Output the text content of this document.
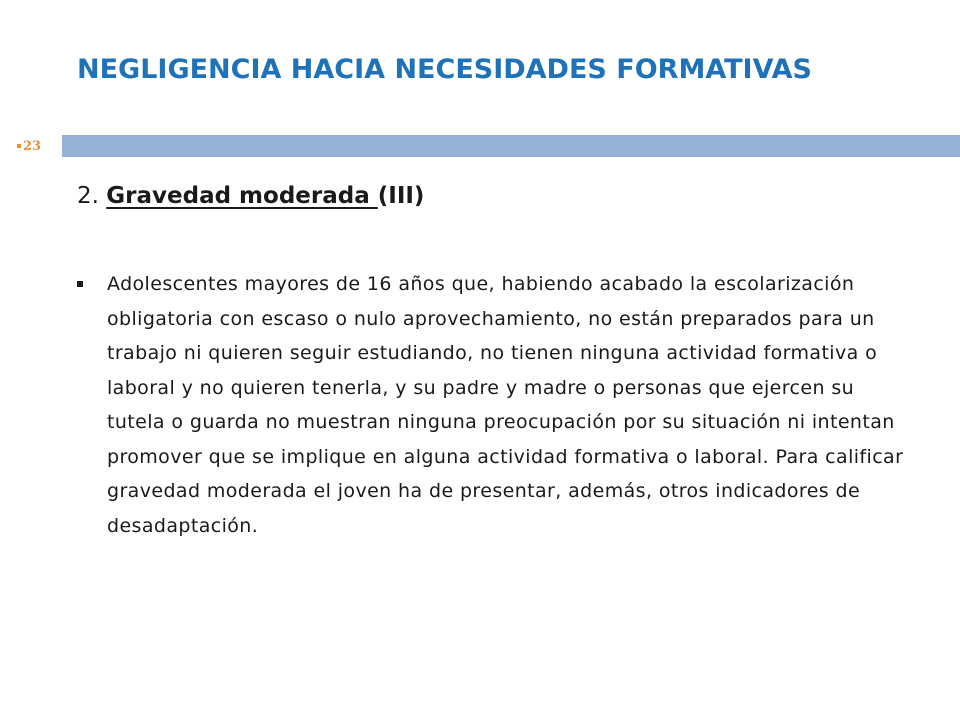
NEGLIGENCIA HACIA NECESIDADES FORMATIVAS
23
2. Gravedad moderada (III)
Adolescentes mayores de 16 años que, habiendo acabado la escolarización obligatoria con escaso o nulo aprovechamiento, no están preparados para un trabajo ni quieren seguir estudiando, no tienen ninguna actividad formativa o laboral y no quieren tenerla, y su padre y madre o personas que ejercen su tutela o guarda no muestran ninguna preocupación por su situación ni intentan promover que se implique en alguna actividad formativa o laboral. Para calificar gravedad moderada el joven ha de presentar, además, otros indicadores de desadaptación.
